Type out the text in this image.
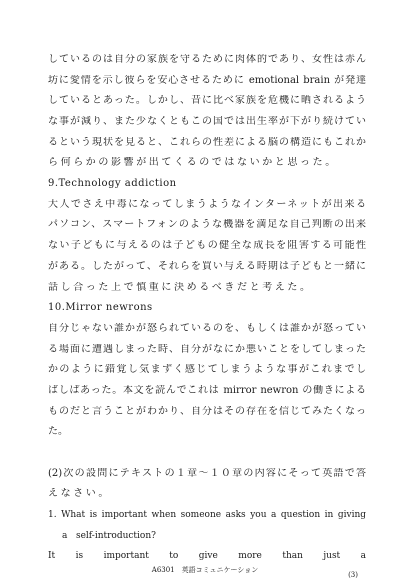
しているのは自分の家族を守るために肉体的であり、女性は赤ん
坊に愛情を示し彼らを安心させるために emotional brain が発達
しているとあった。しかし、昔に比べ家族を危機に晒されるよう
な事が減り、また少なくともこの国では出生率が下がり続けてい
るという現状を見ると、これらの性差による脳の構造にもこれか
ら何らかの影響が出てくるのではないかと思った。
9.Technology addiction
大人でさえ中毒になってしまうようなインターネットが出来る
パソコン、スマートフォンのような機器を満足な自己判断の出来
ない子どもに与えるのは子どもの健全な成長を阻害する可能性
がある。したがって、それらを買い与える時期は子どもと一緒に
話し合った上で慎重に決めるべきだと考えた。
10.Mirror newrons
自分じゃない誰かが怒られているのを、もしくは誰かが怒ってい
る場面に遭遇しまった時、自分がなにか悪いことをしてしまった
かのように錯覚し気まずく感じてしまうような事がこれまでし
ばしばあった。本文を読んでこれは mirror newron の働きによる
ものだと言うことがわかり、自分はその存在を信じてみたくなっ
た。
(2)次の設問にテキストの１章～１０章の内容にそって英語で答
えなさい。
1. What is important when someone asks you a question in giving
a   self-introduction?
It is important to give more than just a
A6301　英語コミュニケーション
(3)
